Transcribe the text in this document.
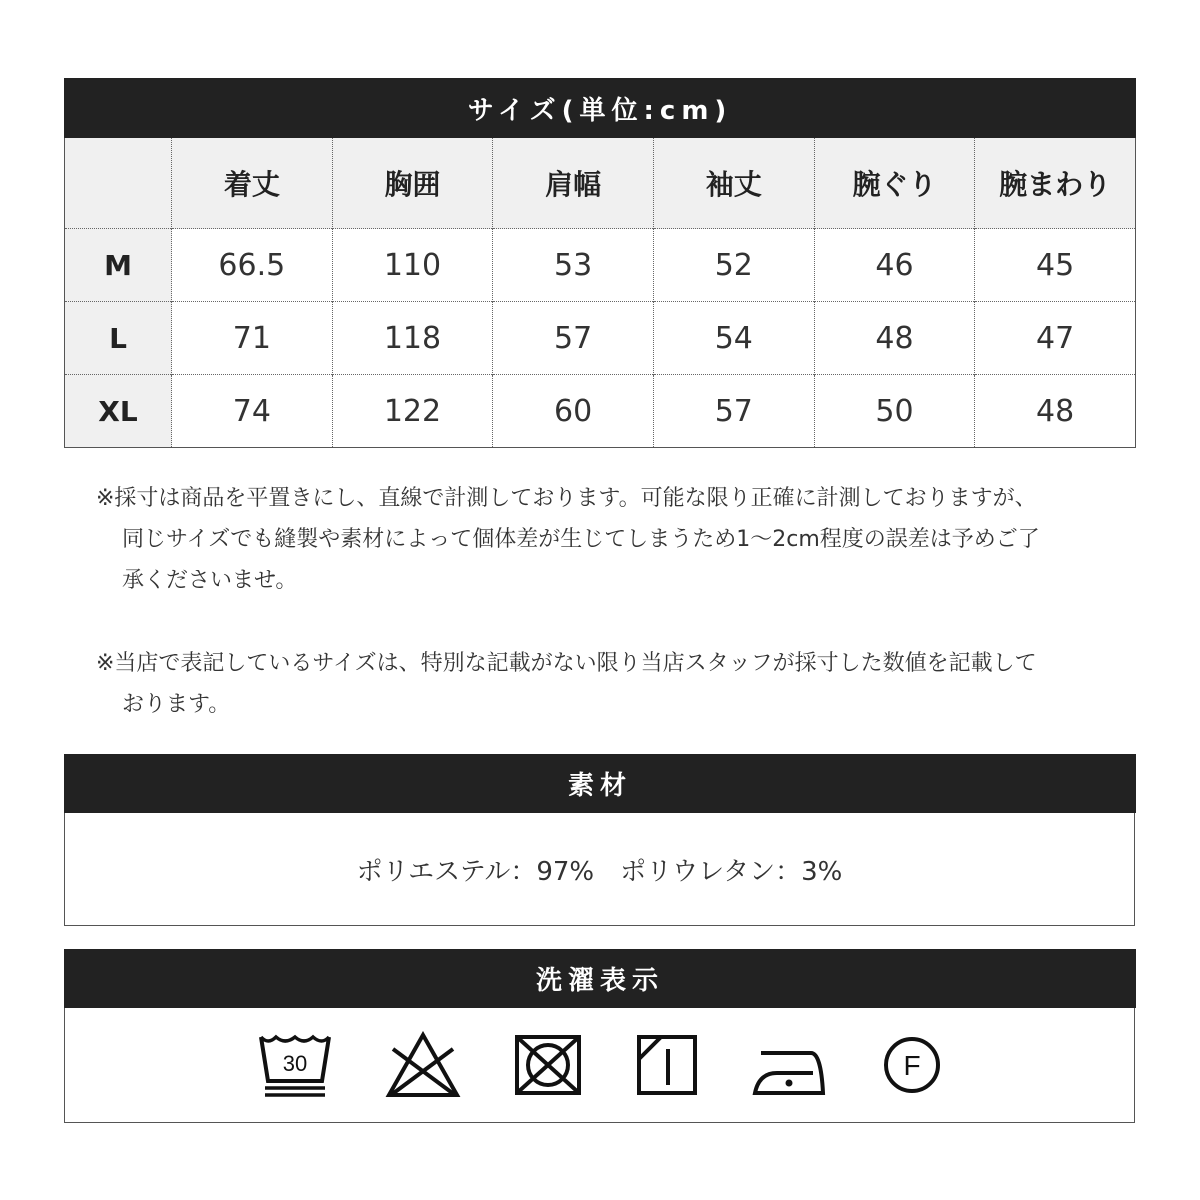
サイズ(単位:cm)
	着丈	胸囲	肩幅	袖丈	腕ぐり	腕まわり
M	66.5	110	53	52	46	45
L	71	118	57	54	48	47
XL	74	122	60	57	50	48

※採寸は商品を平置きにし、直線で計測しております。可能な限り正確に計測しておりますが、同じサイズでも縫製や素材によって個体差が生じてしまうため1〜2cm程度の誤差は予めご了承くださいませ。

※当店で表記しているサイズは、特別な記載がない限り当店スタッフが採寸した数値を記載しております。

素材
ポリエステル：97%　ポリウレタン：3%
洗濯表示
30	F
